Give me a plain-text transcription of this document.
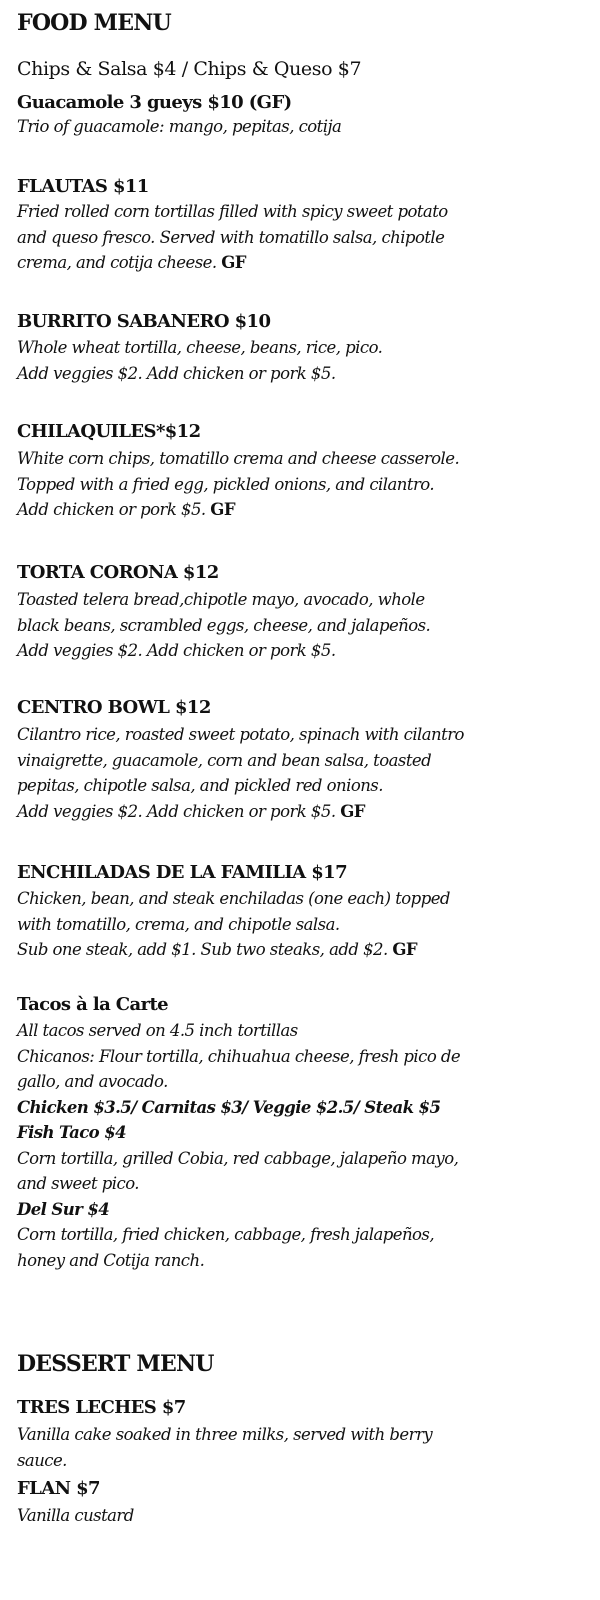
FOOD MENU
Chips & Salsa $4 / Chips & Queso $7
Guacamole 3 gueys $10 (GF)
Trio of guacamole: mango, pepitas, cotija
FLAUTAS $11
Fried rolled corn tortillas filled with spicy sweet potato
and queso fresco. Served with tomatillo salsa, chipotle
crema, and cotija cheese. GF
BURRITO SABANERO $10
Whole wheat tortilla, cheese, beans, rice, pico.
Add veggies $2. Add chicken or pork $5.
CHILAQUILES*$12
White corn chips, tomatillo crema and cheese casserole.
Topped with a fried egg, pickled onions, and cilantro.
Add chicken or pork $5. GF
TORTA CORONA $12
Toasted telera bread,chipotle mayo, avocado, whole
black beans, scrambled eggs, cheese, and jalapeños.
Add veggies $2. Add chicken or pork $5.
CENTRO BOWL $12
Cilantro rice, roasted sweet potato, spinach with cilantro
vinaigrette, guacamole, corn and bean salsa, toasted
pepitas, chipotle salsa, and pickled red onions.
Add veggies $2. Add chicken or pork $5. GF
ENCHILADAS DE LA FAMILIA $17
Chicken, bean, and steak enchiladas (one each) topped
with tomatillo, crema, and chipotle salsa.
Sub one steak, add $1. Sub two steaks, add $2. GF
Tacos à la Carte
All tacos served on 4.5 inch tortillas
Chicanos: Flour tortilla, chihuahua cheese, fresh pico de
gallo, and avocado.
Chicken $3.5/ Carnitas $3/ Veggie $2.5/ Steak $5
Fish Taco $4
Corn tortilla, grilled Cobia, red cabbage, jalapeño mayo,
and sweet pico.
Del Sur $4
Corn tortilla, fried chicken, cabbage, fresh jalapeños,
honey and Cotija ranch.
DESSERT MENU
TRES LECHES $7
Vanilla cake soaked in three milks, served with berry
sauce.
FLAN $7
Vanilla custard
